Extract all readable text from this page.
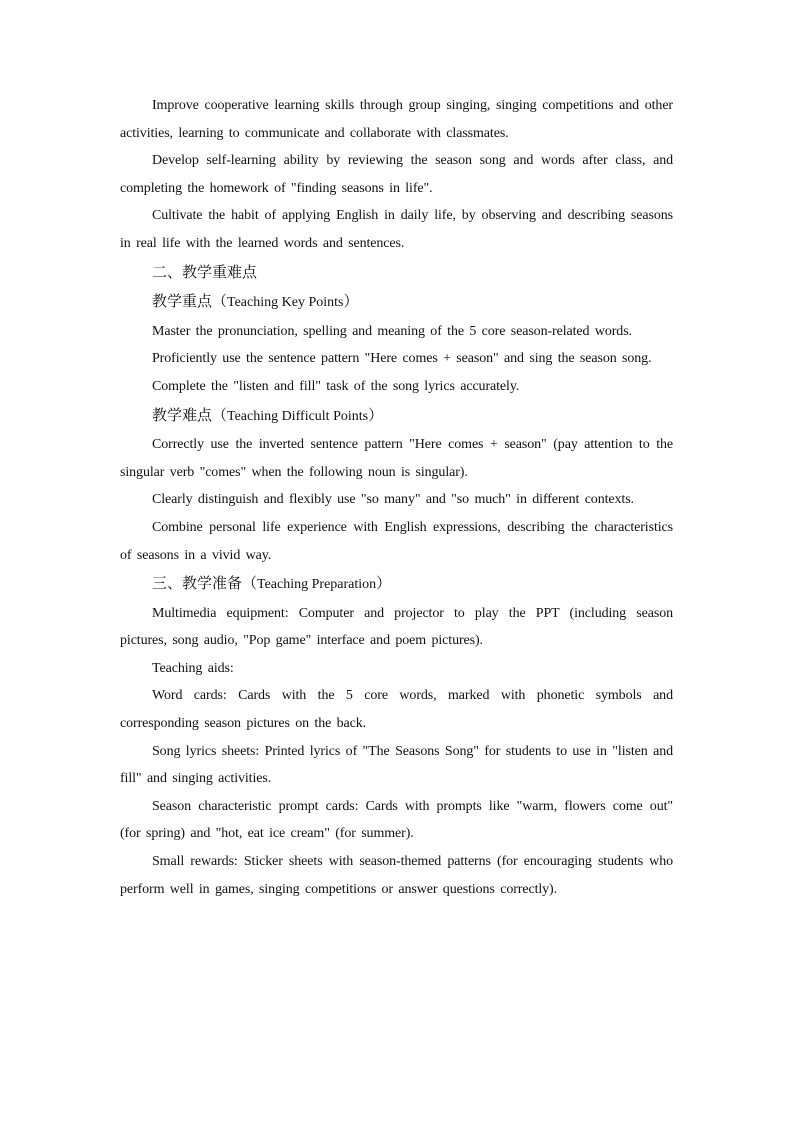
Improve cooperative learning skills through group singing, singing competitions and other activities, learning to communicate and collaborate with classmates.

Develop self-learning ability by reviewing the season song and words after class, and completing the homework of "finding seasons in life".

Cultivate the habit of applying English in daily life, by observing and describing seasons in real life with the learned words and sentences.

二、教学重难点

教学重点（Teaching Key Points）

Master the pronunciation, spelling and meaning of the 5 core season-related words.

Proficiently use the sentence pattern "Here comes + season" and sing the season song.

Complete the "listen and fill" task of the song lyrics accurately.

教学难点（Teaching Difficult Points）

Correctly use the inverted sentence pattern "Here comes + season" (pay attention to the singular verb "comes" when the following noun is singular).

Clearly distinguish and flexibly use "so many" and "so much" in different contexts.

Combine personal life experience with English expressions, describing the characteristics of seasons in a vivid way.

三、教学准备（Teaching Preparation）

Multimedia equipment: Computer and projector to play the PPT (including season pictures, song audio, "Pop game" interface and poem pictures).

Teaching aids:

Word cards: Cards with the 5 core words, marked with phonetic symbols and corresponding season pictures on the back.

Song lyrics sheets: Printed lyrics of "The Seasons Song" for students to use in "listen and fill" and singing activities.

Season characteristic prompt cards: Cards with prompts like "warm, flowers come out" (for spring) and "hot, eat ice cream" (for summer).

Small rewards: Sticker sheets with season-themed patterns (for encouraging students who perform well in games, singing competitions or answer questions correctly).
